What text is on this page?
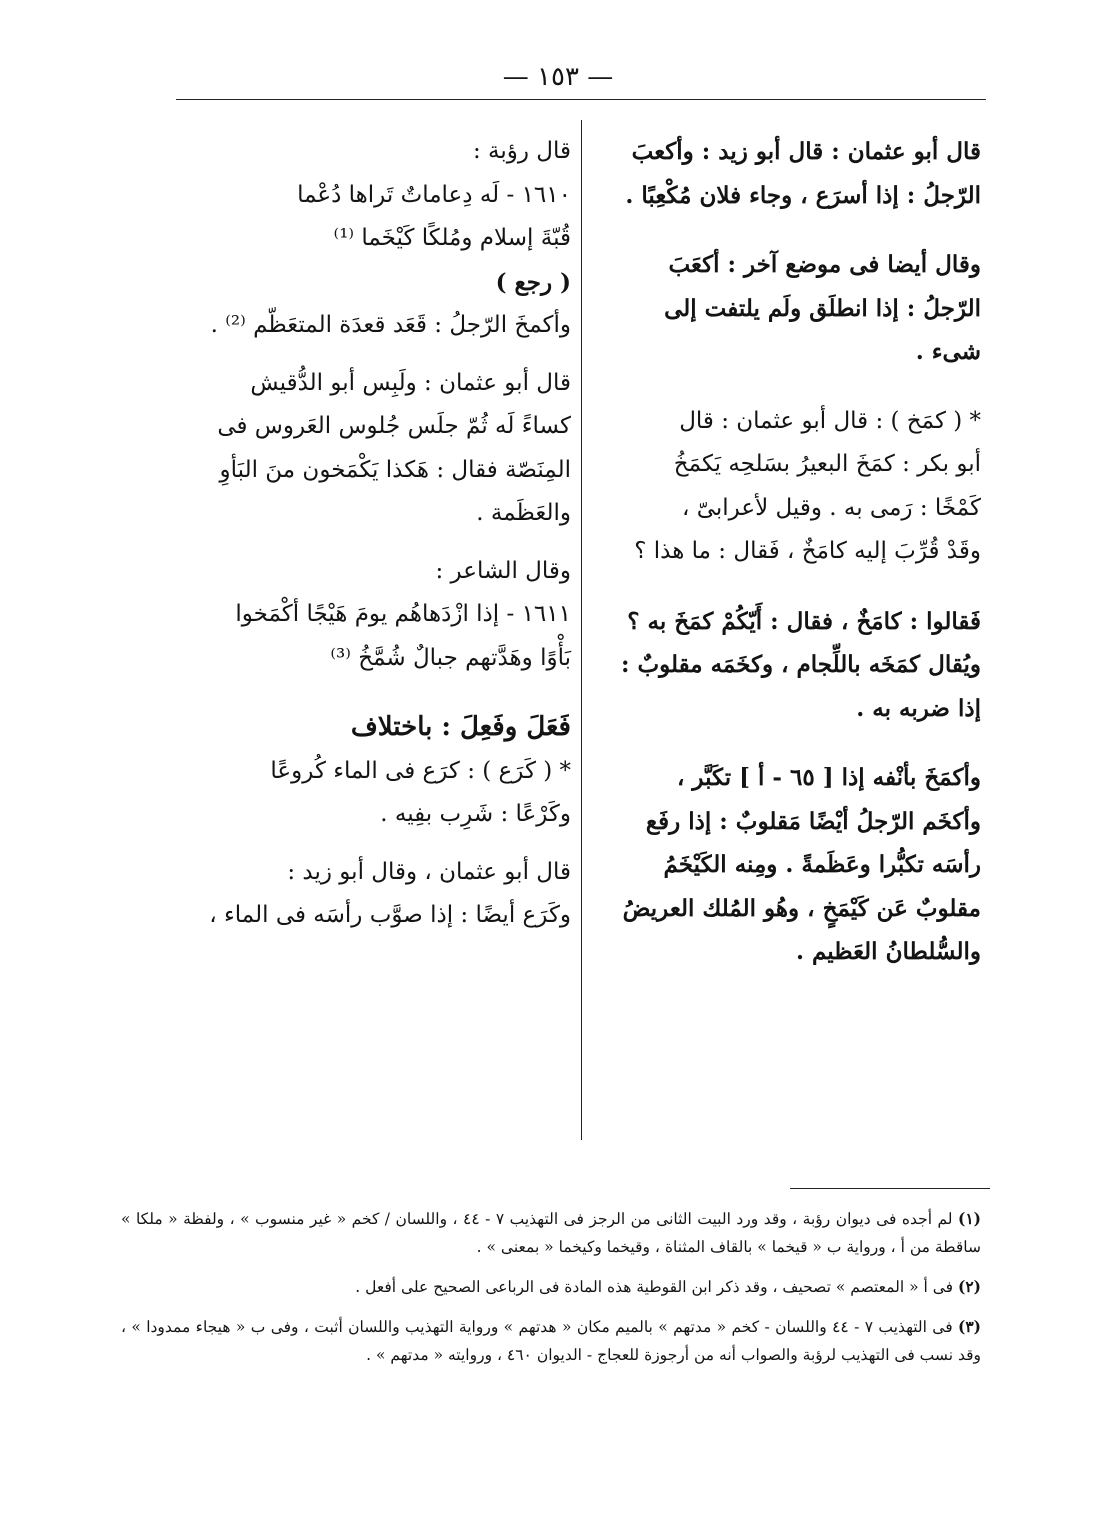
— ١٥٣ —

قال أبو عثمان : قال أبو زيد : وأكعبَ

الرّجلُ : إذا أسرَع ، وجاء فلان مُكْعِبًا .

وقال أيضا فى موضع آخر : أكعَبَ

الرّجلُ : إذا انطلَق ولَم يلتفت إلى

شىء .

* ( كمَخ ) : قال أبو عثمان : قال

أبو بكر : كمَخَ البعيرُ بسَلحِه يَكمَخُ

كَمْخًا : رَمى به . وقيل لأعرابىّ ،

وقَدْ قُرِّبَ إليه كامَخٌ ، فَقال : ما هذا ؟

فَقالوا : كامَخٌ ، فقال : أَيّكُمْ كمَخَ به ؟

ويُقال كمَخَه باللِّجام ، وكخَمَه مقلوبٌ :

إذا ضربه به .

وأكمَخَ بأنْفه إذا [ ٦٥ - أ ] تكَبَّر ،

وأكخَم الرّجلُ أيْضًا مَقلوبٌ : إذا رفَع

رأسَه تكبُّرا وعَظَمةً . ومِنه الكَيْخَمُ

مقلوبٌ عَن كَيْمَخٍ ، وهُو المُلك العريضُ

والسُّلطانُ العَظيم .

قال رؤبة :

١٦١٠ - لَه دِعاماتٌ تَراها دُعْما

قُبّةَ إسلام ومُلكًا كَيْخَما ⁽¹⁾

( رجع )

وأكمخَ الرّجلُ : قَعَد قعدَة المتعَظّم ⁽²⁾ .

قال أبو عثمان : ولَبِس أبو الدُّقيش

كساءً لَه ثُمّ جلَس جُلوس العَروس فى

المِنَصّة فقال : هَكذا يَكْمَخون منَ البَأوِ

والعَظَمة .

وقال الشاعر :

١٦١١ - إذا ازْدَهاهُم يومَ هَيْجًا أكْمَخوا

بَأْوًا وهَدَّتهم جبالٌ شُمَّخُ ⁽³⁾

فَعَلَ وفَعِلَ : باختلاف

* ( كَرَع ) : كرَع فى الماء كُروعًا

وكَرْعًا : شَرِب بفِيه .

قال أبو عثمان ، وقال أبو زيد :

وكَرَع أيضًا : إذا صوَّب رأسَه فى الماء ،

(١) لم أجده فى ديوان رؤبة ، وقد ورد البيت الثانى من الرجز فى التهذيب ٧ - ٤٤ ، واللسان / كخم « غير منسوب » ، ولفظة « ملكا » ساقطة من أ ، ورواية ب « قيخما » بالقاف المثناة ، وقيخما وكيخما « بمعنى » .

(٢) فى أ « المعتصم » تصحيف ، وقد ذكر ابن القوطية هذه المادة فى الرباعى الصحيح على أفعل .

(٣) فى التهذيب ٧ - ٤٤ واللسان - كخم « مدتهم » بالميم مكان « هدتهم » ورواية التهذيب واللسان أثبت ، وفى ب « هيجاء ممدودا » ، وقد نسب فى التهذيب لرؤبة والصواب أنه من أرجوزة للعجاج - الديوان ٤٦٠ ، وروايته « مدتهم » .
